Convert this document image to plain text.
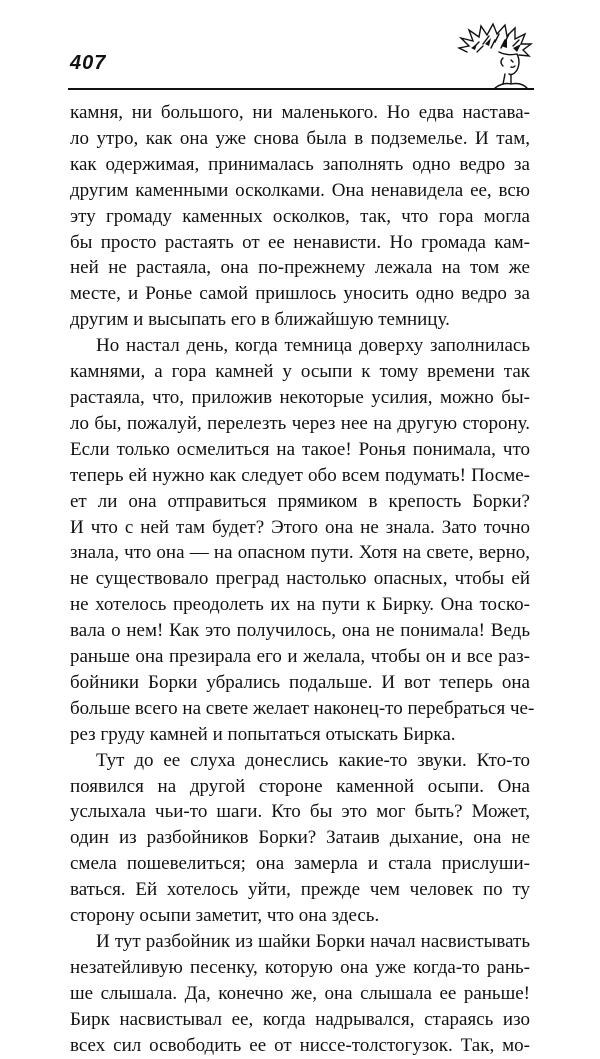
407

камня, ни большого, ни маленького. Но едва настава-

ло утро, как она уже снова была в подземелье. И там,

как одержимая, принималась заполнять одно ведро за

другим каменными осколками. Она ненавидела ее, всю

эту громаду каменных осколков, так, что гора могла

бы просто растаять от ее ненависти. Но громада кам-

ней не растаяла, она по-прежнему лежала на том же

месте, и Ронье самой пришлось уносить одно ведро за

другим и высыпать его в ближайшую темницу.

Но настал день, когда темница доверху заполнилась

камнями, а гора камней у осыпи к тому времени так

растаяла, что, приложив некоторые усилия, можно бы-

ло бы, пожалуй, перелезть через нее на другую сторону.

Если только осмелиться на такое! Ронья понимала, что

теперь ей нужно как следует обо всем подумать! Посме-

ет ли она отправиться прямиком в крепость Борки?

И что с ней там будет? Этого она не знала. Зато точно

знала, что она — на опасном пути. Хотя на свете, верно,

не существовало преград настолько опасных, чтобы ей

не хотелось преодолеть их на пути к Бирку. Она тоско-

вала о нем! Как это получилось, она не понимала! Ведь

раньше она презирала его и желала, чтобы он и все раз-

бойники Борки убрались подальше. И вот теперь она

больше всего на свете желает наконец-то перебраться че-

рез груду камней и попытаться отыскать Бирка.

Тут до ее слуха донеслись какие-то звуки. Кто-то

появился на другой стороне каменной осыпи. Она

услыхала чьи-то шаги. Кто бы это мог быть? Может,

один из разбойников Борки? Затаив дыхание, она не

смела пошевелиться; она замерла и стала прислуши-

ваться. Ей хотелось уйти, прежде чем человек по ту

сторону осыпи заметит, что она здесь.

И тут разбойник из шайки Борки начал насвистывать

незатейливую песенку, которую она уже когда-то рань-

ше слышала. Да, конечно же, она слышала ее раньше!

Бирк насвистывал ее, когда надрывался, стараясь изо

всех сил освободить ее от ниссе-толстогузок. Так, мо-
